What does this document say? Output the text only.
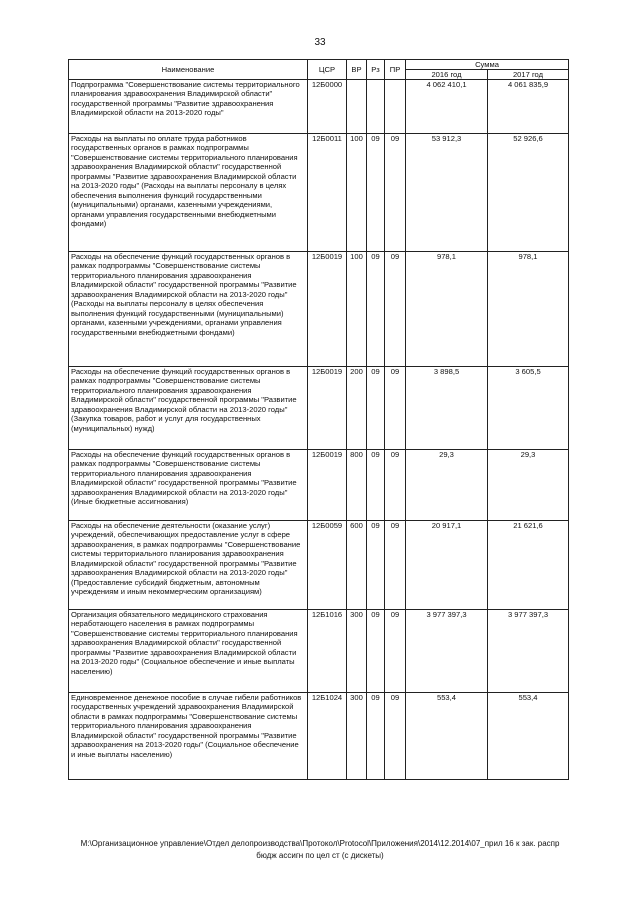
33
Наименование	ЦСР	ВР	Рз	ПР	Сумма	
					2016 год	2017 год
Подпрограмма "Совершенствование системы территориального планирования здравоохранения Владимирской области" государственной программы "Развитие здравоохранения Владимирской области на 2013-2020 годы"	12Б0000				4 062 410,1	4 061 835,9
Расходы на выплаты по оплате труда работников государственных органов в рамках подпрограммы "Совершенствование системы территориального планирования здравоохранения Владимирской области" государственной программы "Развитие здравоохранения Владимирской области на 2013-2020 годы" (Расходы на выплаты персоналу в целях обеспечения выполнения функций государственными (муниципальными) органами, казенными учреждениями, органами управления государственными внебюджетными фондами)	12Б0011	100	09	09	53 912,3	52 926,6
Расходы на обеспечение функций государственных органов в рамках подпрограммы "Совершенствование системы территориального планирования здравоохранения Владимирской области" государственной программы "Развитие здравоохранения Владимирской области на 2013-2020 годы" (Расходы на выплаты персоналу в целях обеспечения выполнения функций государственными (муниципальными) органами, казенными учреждениями, органами управления государственными внебюджетными фондами)	12Б0019	100	09	09	978,1	978,1
Расходы на обеспечение функций государственных органов в рамках подпрограммы "Совершенствование системы территориального планирования здравоохранения Владимирской области" государственной программы "Развитие здравоохранения Владимирской области на 2013-2020 годы" (Закупка товаров, работ и услуг для государственных (муниципальных) нужд)	12Б0019	200	09	09	3 898,5	3 605,5
Расходы на обеспечение функций государственных органов в рамках подпрограммы "Совершенствование системы территориального планирования здравоохранения Владимирской области" государственной программы "Развитие здравоохранения Владимирской области на 2013-2020 годы" (Иные бюджетные ассигнования)	12Б0019	800	09	09	29,3	29,3
Расходы на обеспечение деятельности (оказание услуг) учреждений, обеспечивающих предоставление услуг в сфере здравоохранения, в рамках подпрограммы "Совершенствование системы территориального планирования здравоохранения Владимирской области" государственной программы "Развитие здравоохранения Владимирской области на 2013-2020 годы" (Предоставление субсидий бюджетным, автономным учреждениям и иным некоммерческим организациям)	12Б0059	600	09	09	20 917,1	21 621,6
Организация обязательного медицинского страхования неработающего населения в рамках подпрограммы "Совершенствование системы территориального планирования здравоохранения Владимирской области" государственной программы "Развитие здравоохранения Владимирской области на 2013-2020 годы" (Социальное обеспечение и иные выплаты населению)	12Б1016	300	09	09	3 977 397,3	3 977 397,3
Единовременное денежное пособие в случае гибели работников государственных учреждений здравоохранения Владимирской области в рамках подпрограммы "Совершенствование системы территориального планирования здравоохранения Владимирской области" государственной программы "Развитие здравоохранения на 2013-2020 годы" (Социальное обеспечение и иные выплаты населению)	12Б1024	300	09	09	553,4	553,4
M:\Организационное управление\Отдел делопроизводства\Протокол\Protocol\Приложения\2014\12.2014\07_прил 16 к зак. распр
бюдж ассигн по цел ст (с дискеты)
